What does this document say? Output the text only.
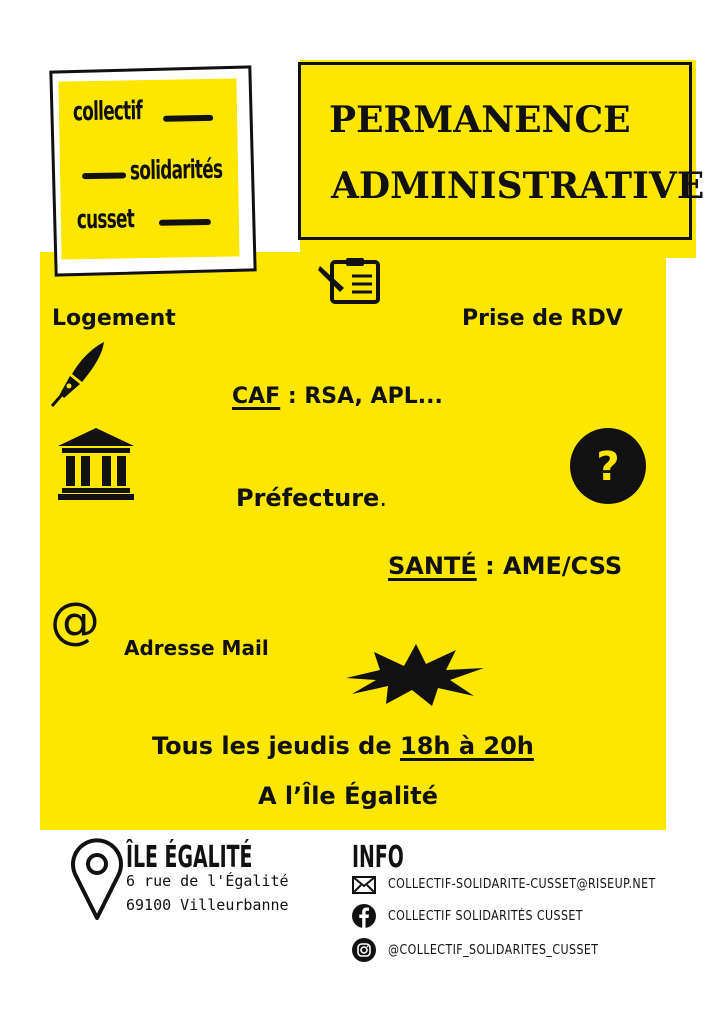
collectif
solidarités
cusset
PERMANENCE
ADMINISTRATIVE
Logement	Prise de RDV
CAF : RSA, APL...
?
Préfecture.
SANTÉ : AME/CSS
@ Adresse Mail
Tous les jeudis de 18h à 20h
A l’Île Égalité
ÎLE ÉGALITÉ
6 rue de l'Égalité
69100 Villeurbanne
INFO
COLLECTIF-SOLIDARITE-CUSSET@RISEUP.NET
COLLECTIF SOLIDARITÉS CUSSET
@COLLECTIF_SOLIDARITES_CUSSET
